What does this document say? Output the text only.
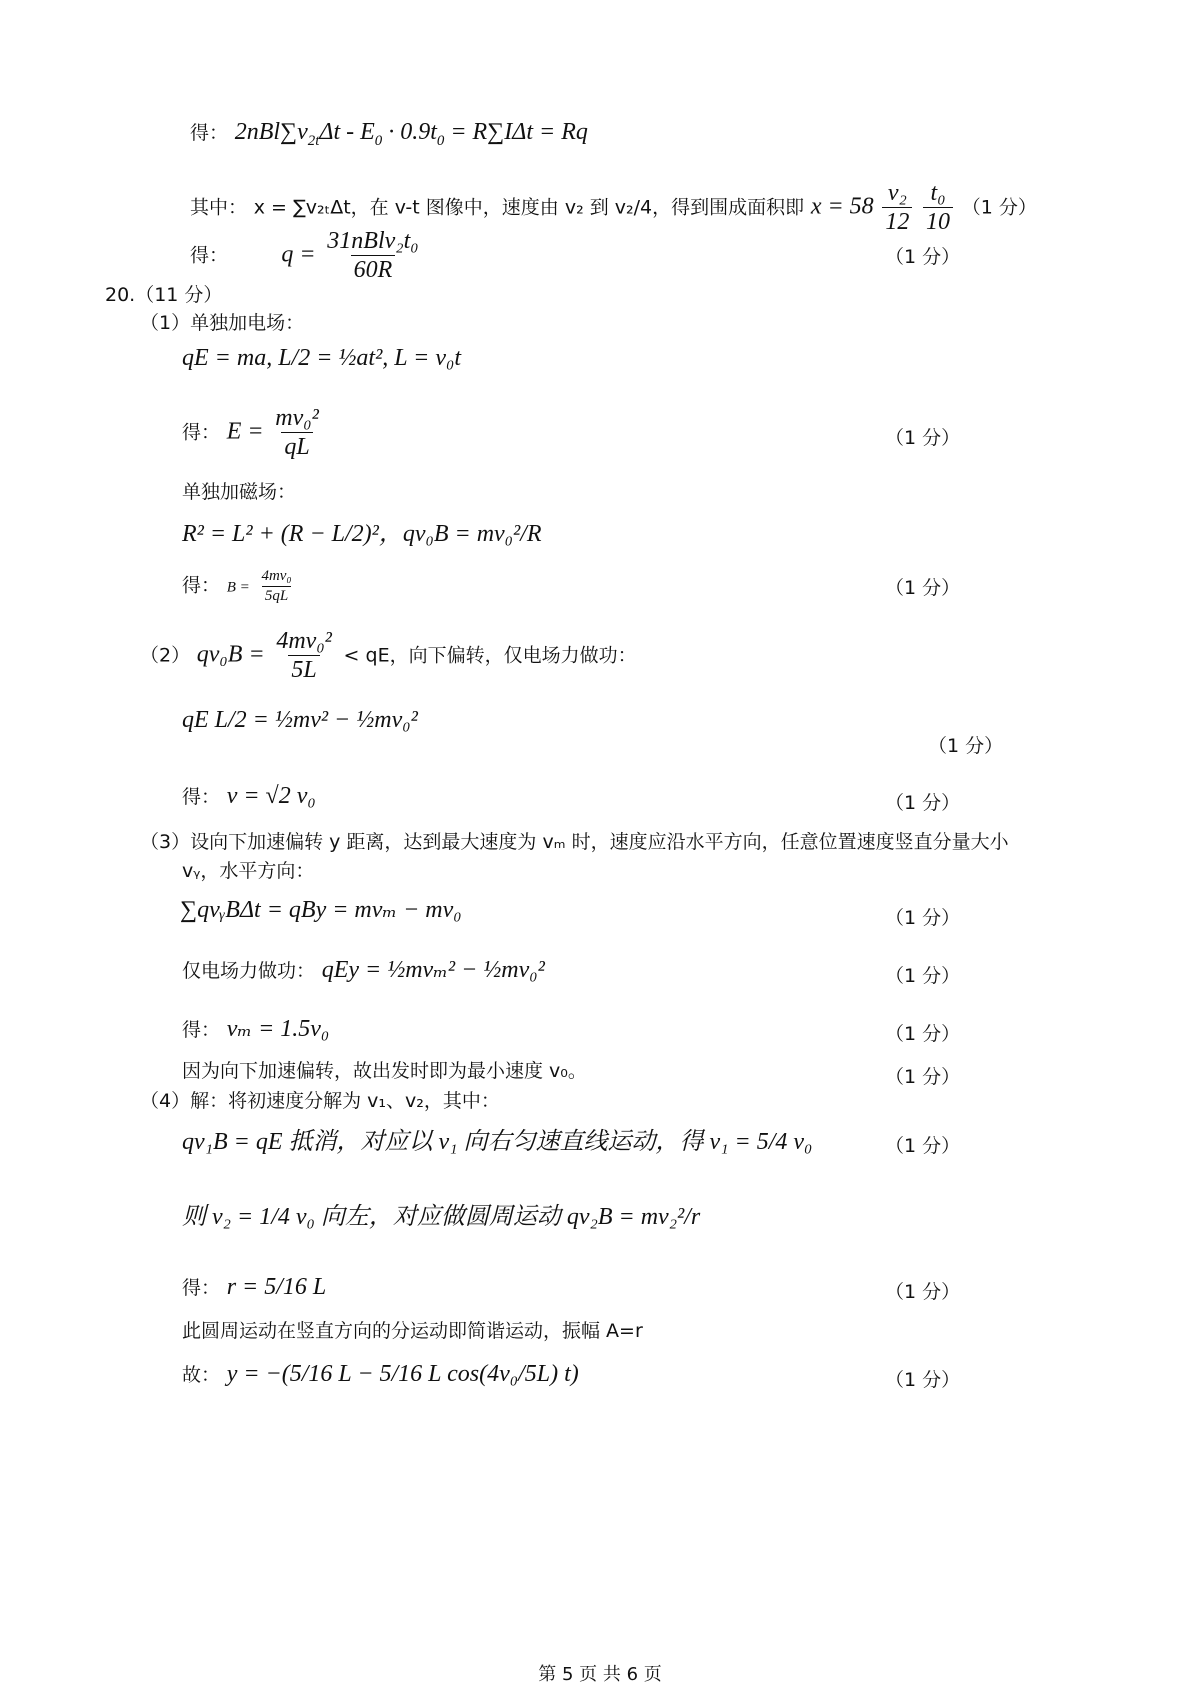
得： $2nBl\sum v_{2t}\Delta t - E_0 \cdot 0.9t_0 = R\sum I\Delta t = Rq$
其中： x = ∑v₂ₜΔt，在 v-t 图像中，速度由 v₂ 到 v₂/4，得到围成面积即 $x = 58 \frac{\text{v₂}}{12}$
$\frac{\text{t₀}}{10} (1$ 分）
得： $q = \frac{\text{31nBlv₂t₀}}{60R}$	（1 分）
20.（11 分）
（1）单独加电场：
qE = ma, L/2 = ½at², L = v₀t
得： $E = \frac{\text{mv₀²}}{qL}$	（1 分）
单独加磁场：
R² = L² + (R − L/2)²，qv₀B = mv₀²/R
得： $B = \frac{\text{4mv₀}}{5qL}$	（1 分）
（2） $qv_0B = \frac{\text{4mv₀²}}{5L}$ < qE，向下偏转，仅电场力做功：
qE L/2 = ½mv² − ½mv₀²
（1 分）
得： v = √2 v₀	（1 分）
（3）设向下加速偏转 y 距离，达到最大速度为 vₘ 时，速度应沿水平方向，任意位置速度竖直分量大小
vᵧ，水平方向：
∑qvᵧBΔt = qBy = mvₘ − mv₀	（1 分）
仅电场力做功： qEy = ½mvₘ² − ½mv₀²	（1 分）
得： vₘ = 1.5v₀	（1 分）
因为向下加速偏转，故出发时即为最小速度 v₀。	（1 分）
（4）解：将初速度分解为 v₁、v₂，其中：
qv₁B = qE 抵消，对应以 v₁ 向右匀速直线运动，得 v₁ = 5/4 v₀	（1 分）
则 v₂ = 1/4 v₀ 向左，对应做圆周运动 qv₂B = mv₂²/r
得： r = 5/16 L	（1 分）
此圆周运动在竖直方向的分运动即简谐运动，振幅 A=r
故： y = −(5/16 L − 5/16 L cos(4v₀/5L) t)	（1 分）
第 5 页 共 6 页
